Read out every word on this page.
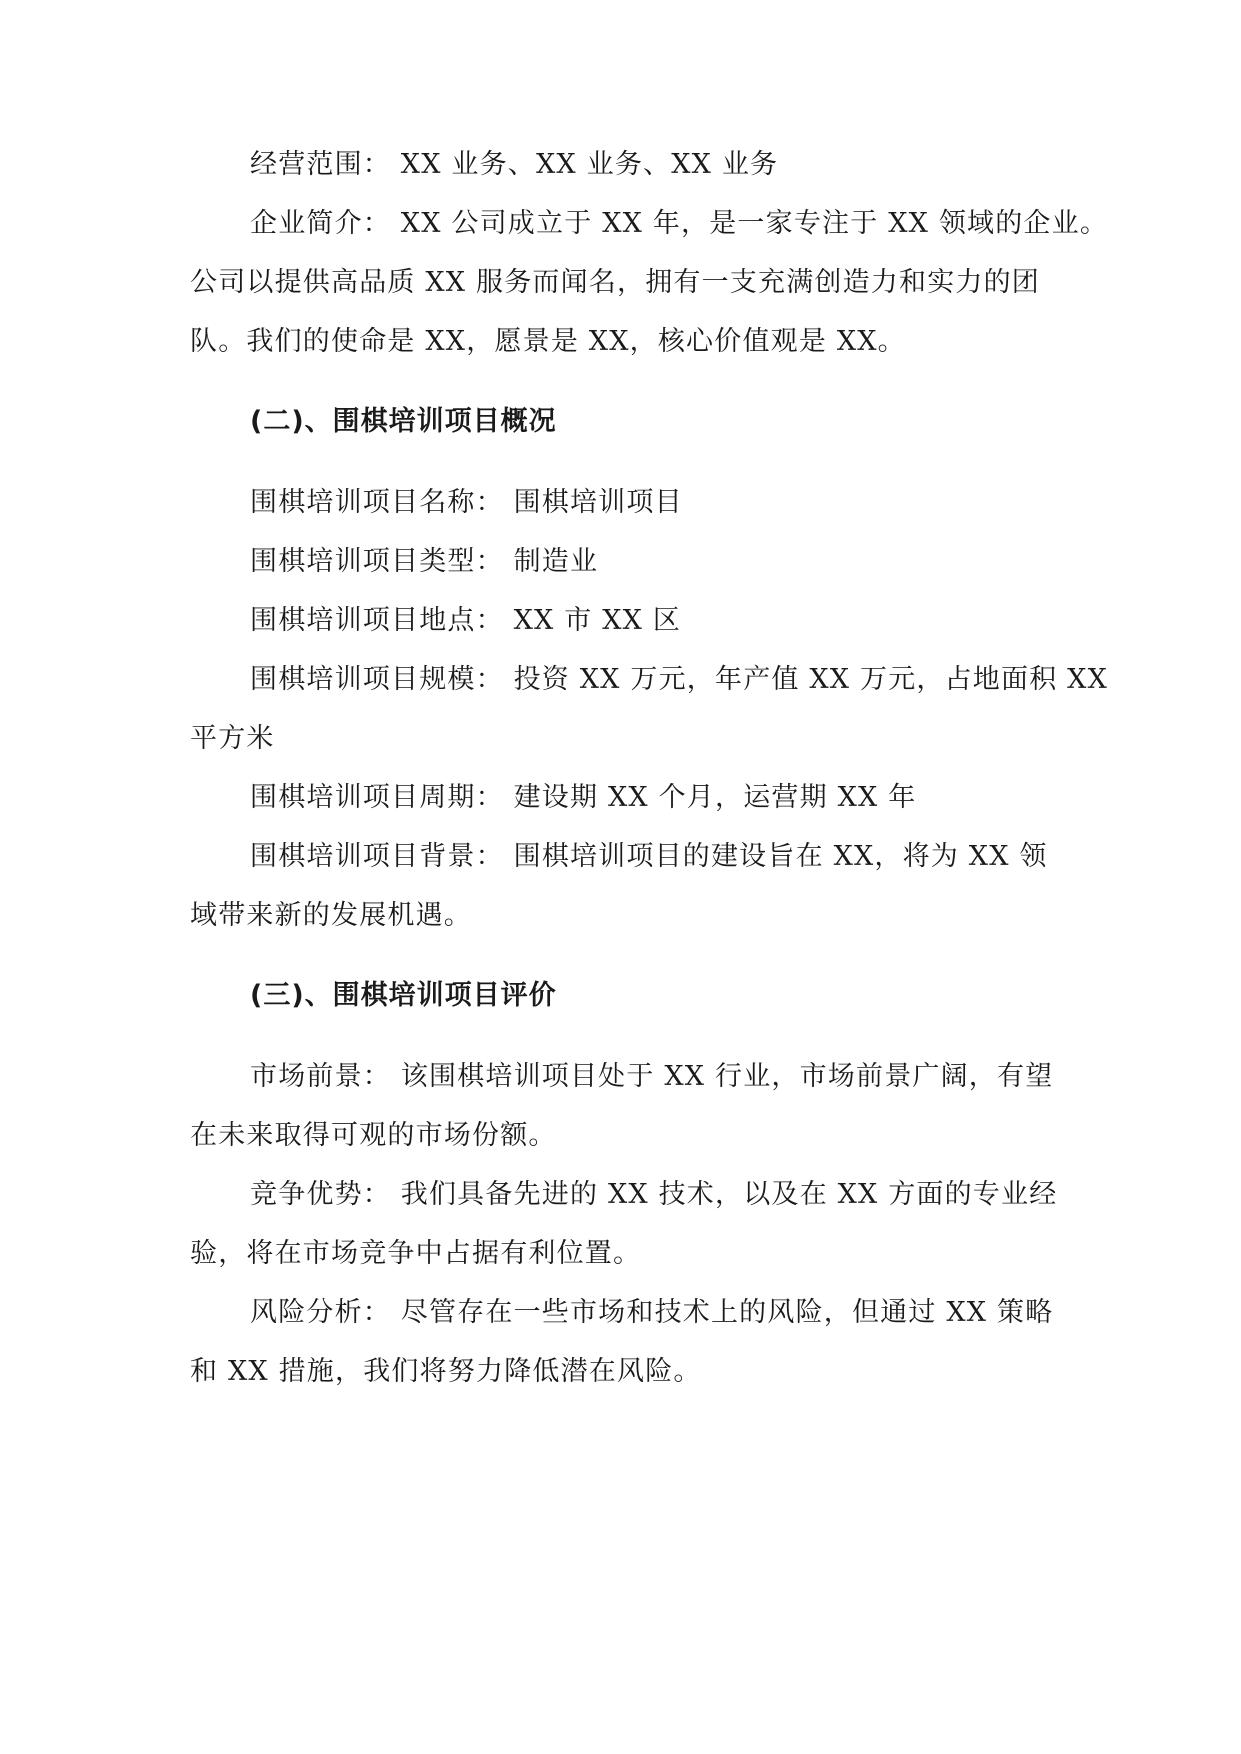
经营范围： XX 业务、XX 业务、XX 业务
企业简介： XX 公司成立于 XX 年，是一家专注于 XX 领域的企业。
公司以提供高品质 XX 服务而闻名，拥有一支充满创造力和实力的团
队。我们的使命是 XX，愿景是 XX，核心价值观是 XX。
(二)、围棋培训项目概况
围棋培训项目名称： 围棋培训项目
围棋培训项目类型： 制造业
围棋培训项目地点： XX 市 XX 区
围棋培训项目规模： 投资 XX 万元，年产值 XX 万元，占地面积 XX
平方米
围棋培训项目周期： 建设期 XX 个月，运营期 XX 年
围棋培训项目背景： 围棋培训项目的建设旨在 XX，将为 XX 领
域带来新的发展机遇。
(三)、围棋培训项目评价
市场前景： 该围棋培训项目处于 XX 行业，市场前景广阔，有望
在未来取得可观的市场份额。
竞争优势： 我们具备先进的 XX 技术，以及在 XX 方面的专业经
验，将在市场竞争中占据有利位置。
风险分析： 尽管存在一些市场和技术上的风险，但通过 XX 策略
和 XX 措施，我们将努力降低潜在风险。
